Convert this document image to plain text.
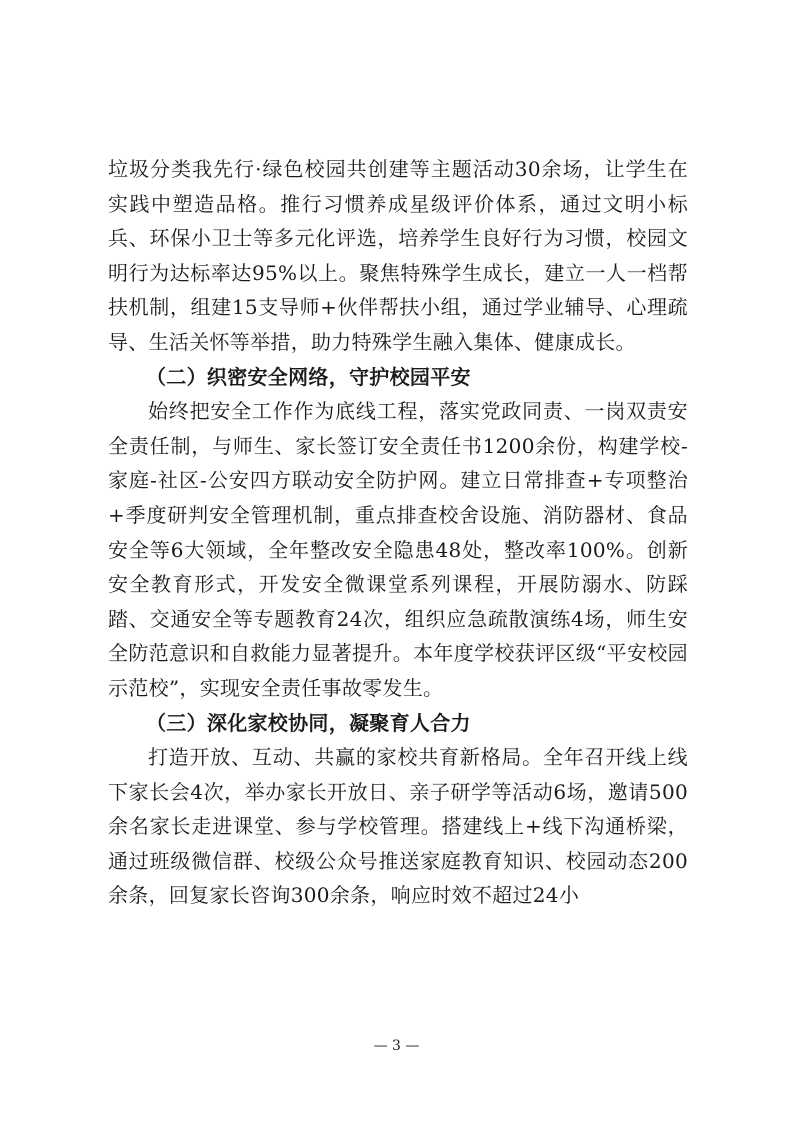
垃圾分类我先行·绿色校园共创建等主题活动30余场，让学生在实践中塑造品格。推行习惯养成星级评价体系，通过文明小标兵、环保小卫士等多元化评选，培养学生良好行为习惯，校园文明行为达标率达95%以上。聚焦特殊学生成长，建立一人一档帮扶机制，组建15支导师+伙伴帮扶小组，通过学业辅导、心理疏导、生活关怀等举措，助力特殊学生融入集体、健康成长。

（二）织密安全网络，守护校园平安

始终把安全工作作为底线工程，落实党政同责、一岗双责安全责任制，与师生、家长签订安全责任书1200余份，构建学校-家庭-社区-公安四方联动安全防护网。建立日常排查+专项整治+季度研判安全管理机制，重点排查校舍设施、消防器材、食品安全等6大领域，全年整改安全隐患48处，整改率100%。创新安全教育形式，开发安全微课堂系列课程，开展防溺水、防踩踏、交通安全等专题教育24次，组织应急疏散演练4场，师生安全防范意识和自救能力显著提升。本年度学校获评区级“平安校园示范校”，实现安全责任事故零发生。

（三）深化家校协同，凝聚育人合力

打造开放、互动、共赢的家校共育新格局。全年召开线上线下家长会4次，举办家长开放日、亲子研学等活动6场，邀请500余名家长走进课堂、参与学校管理。搭建线上+线下沟通桥梁，通过班级微信群、校级公众号推送家庭教育知识、校园动态200余条，回复家长咨询300余条，响应时效不超过24小

— 3 —
